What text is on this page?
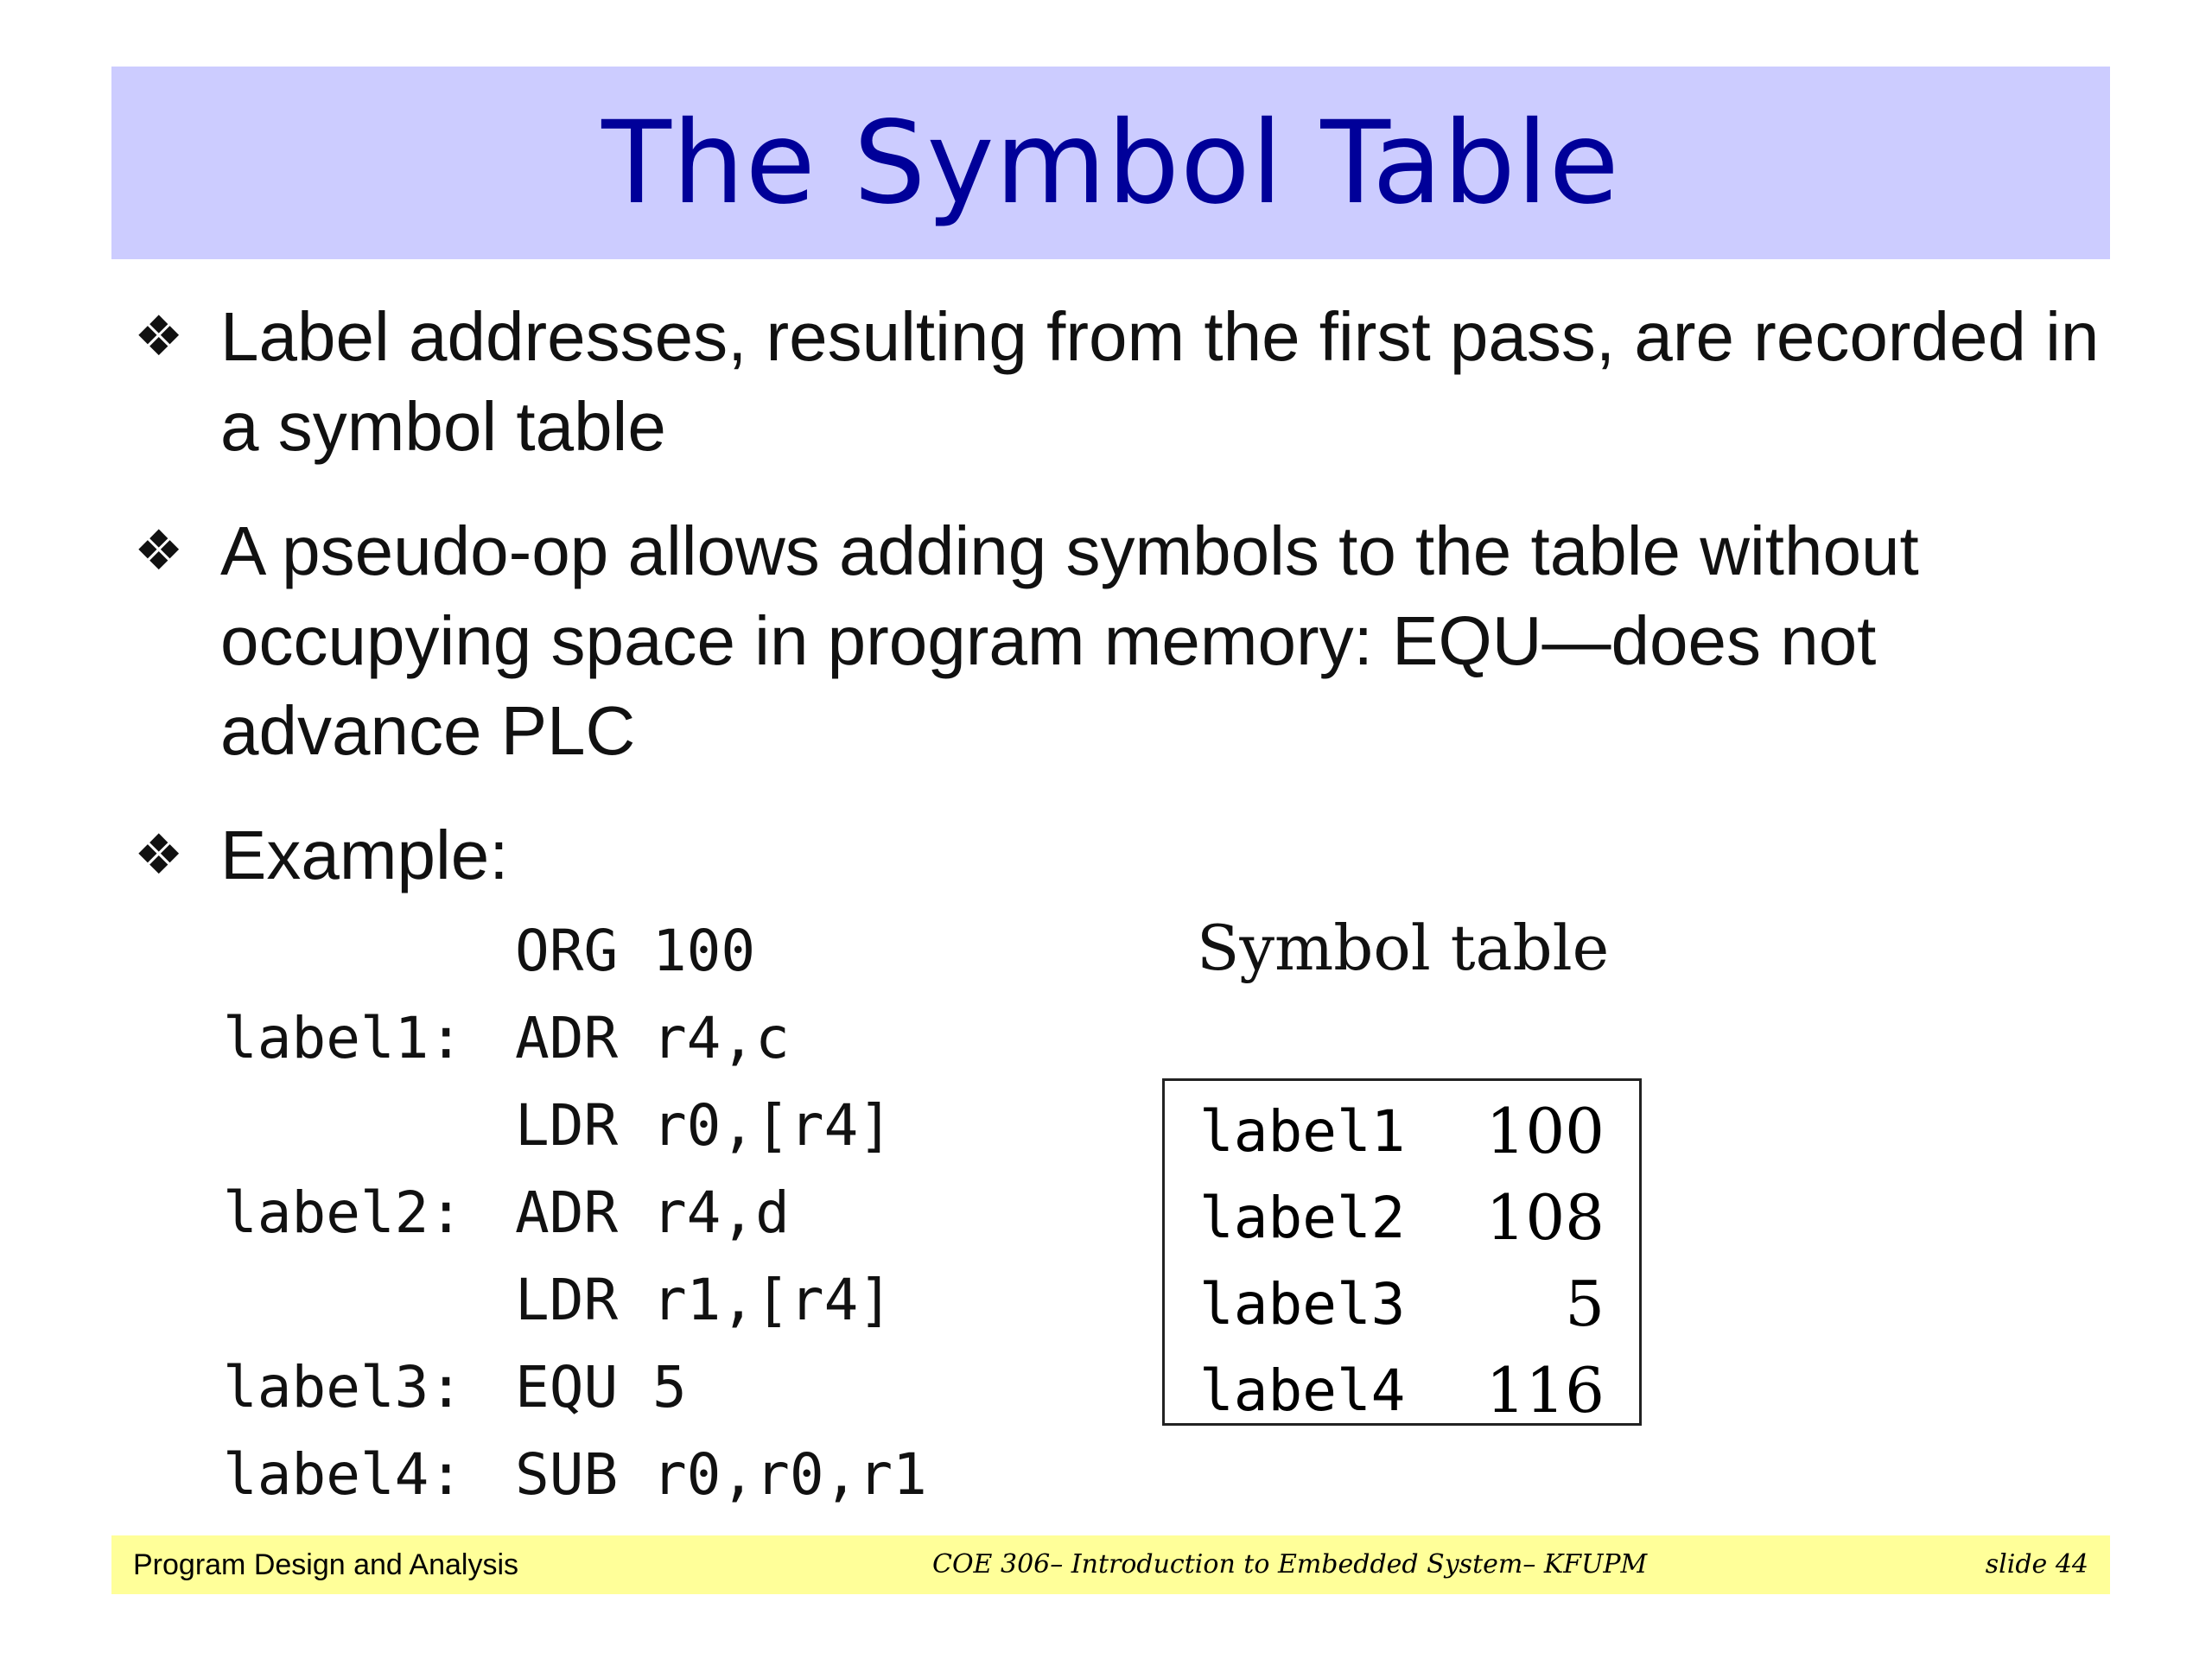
The Symbol Table
❖ Label addresses, resulting from the first pass, are recorded in a symbol table
❖ A pseudo-op allows adding symbols to the table without occupying space in program memory: EQU—does not advance PLC
❖ Example:
ORG 100
label1: ADR r4,c
LDR r0,[r4]
label2: ADR r4,d
LDR r1,[r4]
label3: EQU 5
label4: SUB r0,r0,r1
Symbol table
label1 100
label2 108
label3	5
label4 116
Program Design and Analysis	COE 306– Introduction to Embedded System– KFUPM	slide 44
